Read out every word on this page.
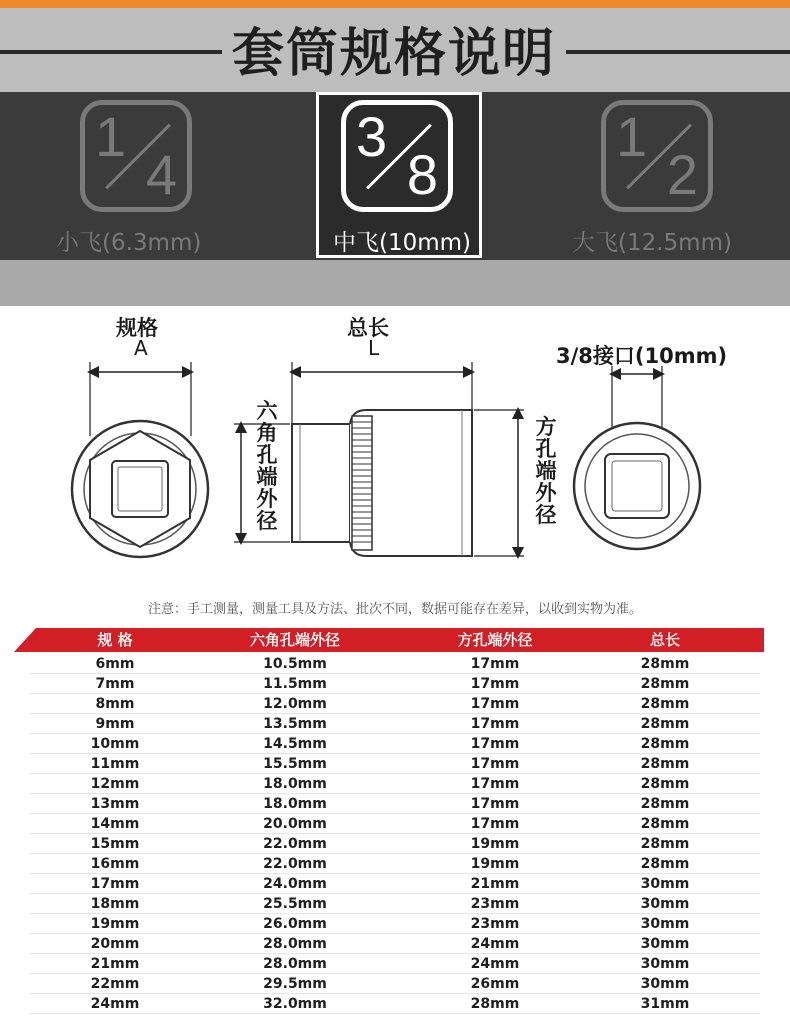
套筒规格说明
1
4
小飞(6.3mm)
3
8
中飞(10mm)
1
2
大飞(12.5mm)
规格
A
总长
L	3/8接口(10mm)
六
角
孔
端
外
径
方
孔
端
外
径
注意：手工测量，测量工具及方法、批次不同，数据可能存在差异，以收到实物为准。
规 格	六角孔端外径	方孔端外径	总长
6mm	10.5mm	17mm	28mm
7mm	11.5mm	17mm	28mm
8mm	12.0mm	17mm	28mm
9mm	13.5mm	17mm	28mm
10mm	14.5mm	17mm	28mm
11mm	15.5mm	17mm	28mm
12mm	18.0mm	17mm	28mm
13mm	18.0mm	17mm	28mm
14mm	20.0mm	17mm	28mm
15mm	22.0mm	19mm	28mm
16mm	22.0mm	19mm	28mm
17mm	24.0mm	21mm	30mm
18mm	25.5mm	23mm	30mm
19mm	26.0mm	23mm	30mm
20mm	28.0mm	24mm	30mm
21mm	28.0mm	24mm	30mm
22mm	29.5mm	26mm	30mm
24mm	32.0mm	28mm	31mm
